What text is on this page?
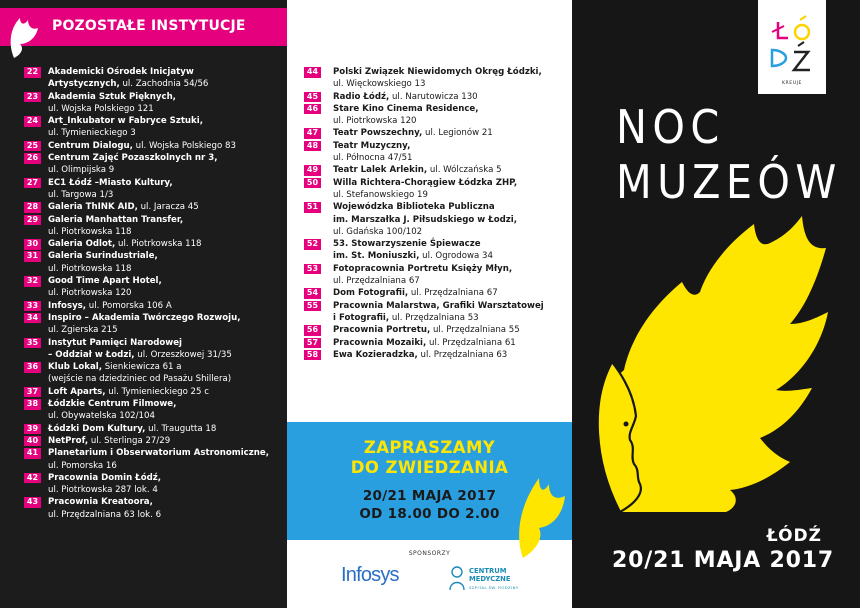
POZOSTAŁE INSTYTUCJE
22	Akademicki Ośrodek Inicjatyw
Artystycznych, ul. Zachodnia 54/56
23	Akademia Sztuk Pięknych,
ul. Wojska Polskiego 121
24	Art_Inkubator w Fabryce Sztuki,
ul. Tymienieckiego 3
25	Centrum Dialogu, ul. Wojska Polskiego 83
26	Centrum Zajęć Pozaszkolnych nr 3,
ul. Olimpijska 9
27	EC1 Łódź –Miasto Kultury,
ul. Targowa 1/3
28	Galeria ThINK AID, ul. Jaracza 45
29	Galeria Manhattan Transfer,
ul. Piotrkowska 118
30	Galeria Odlot, ul. Piotrkowska 118
31	Galeria Surindustriale,
ul. Piotrkowska 118
32	Good Time Apart Hotel,
ul. Piotrkowska 120
33	Infosys, ul. Pomorska 106 A
34	Inspiro – Akademia Twórczego Rozwoju,
ul. Zgierska 215
35	Instytut Pamięci Narodowej
– Oddział w Łodzi, ul. Orzeszkowej 31/35
36	Klub Lokal, Sienkiewicza 61 a
(wejście na dziedziniec od Pasażu Shillera)
37	Loft Aparts, ul. Tymienieckiego 25 c
38	Łódzkie Centrum Filmowe,
ul. Obywatelska 102/104
39	Łódzki Dom Kultury, ul. Traugutta 18
40	NetProf, ul. Sterlinga 27/29
41	Planetarium i Obserwatorium Astronomiczne,
ul. Pomorska 16
42	Pracownia Domin Łódź,
ul. Piotrkowska 287 lok. 4
43	Pracownia Kreatoora,
ul. Przędzalniana 63 lok. 6
44	Polski Związek Niewidomych Okręg Łódzki,
ul. Więckowskiego 13
45	Radio Łódź, ul. Narutowicza 130
46	Stare Kino Cinema Residence,
ul. Piotrkowska 120
47	Teatr Powszechny, ul. Legionów 21
48	Teatr Muzyczny,
ul. Północna 47/51
49	Teatr Lalek Arlekin, ul. Wólczańska 5
50	Willa Richtera-Chorągiew Łódzka ZHP,
ul. Stefanowskiego 19
51	Wojewódzka Biblioteka Publiczna
im. Marszałka J. Piłsudskiego w Łodzi,
ul. Gdańska 100/102
52	53. Stowarzyszenie Śpiewacze
im. St. Moniuszki, ul. Ogrodowa 34
53	Fotopracownia Portretu Księży Młyn,
ul. Przędzalniana 67
54	Dom Fotografii, ul. Przędzalniana 67
55	Pracownia Malarstwa, Grafiki Warsztatowej
i Fotografii, ul. Przędzalniana 53
56	Pracownia Portretu, ul. Przędzalniana 55
57	Pracownia Mozaiki, ul. Przędzalniana 61
58	Ewa Kozieradzka, ul. Przędzalniana 63
ZAPRASZAMY
DO ZWIEDZANIA
20/21 MAJA 2017
OD 18.00 DO 2.00
SPONSORZY
Infosys	CENTRUM
MEDYCZNE
SZPITAL ŚW. RODZINY
KREUJE
NOC
MUZEÓW
ŁÓDŹ
20/21 MAJA 2017
